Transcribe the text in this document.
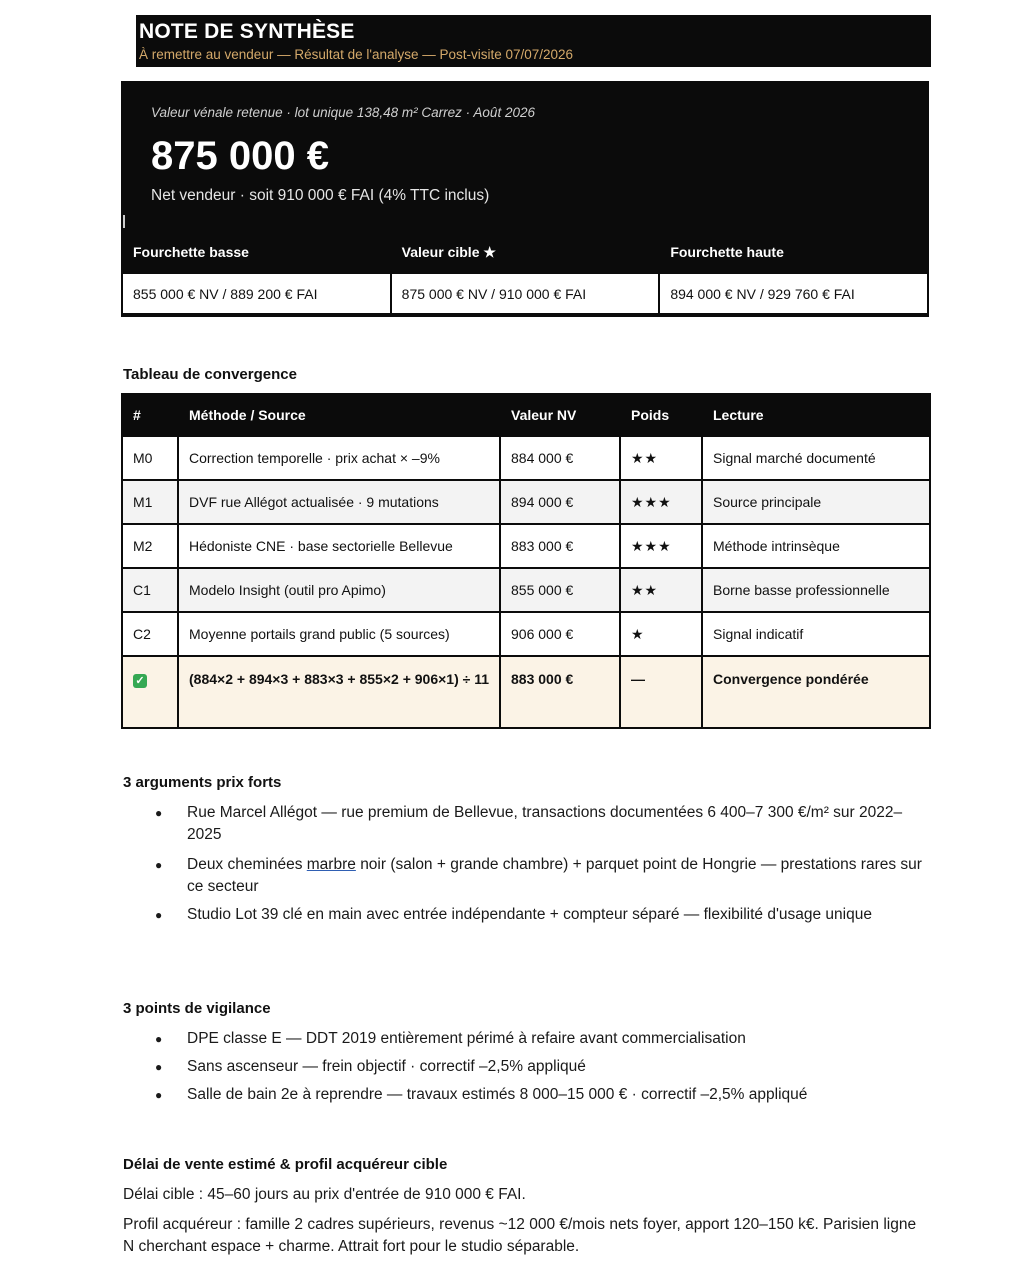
NOTE DE SYNTHÈSE
À remettre au vendeur — Résultat de l'analyse — Post-visite 07/07/2026
Valeur vénale retenue · lot unique 138,48 m² Carrez · Août 2026
875 000 €
Net vendeur · soit 910 000 € FAI (4% TTC inclus)
Fourchette basse	Valeur cible ★	Fourchette haute
855 000 € NV / 889 200 € FAI	875 000 € NV / 910 000 € FAI	894 000 € NV / 929 760 € FAI
Tableau de convergence
#	Méthode / Source	Valeur NV	Poids	Lecture
M0	Correction temporelle · prix achat × –9%	884 000 €	★★	Signal marché documenté
M1	DVF rue Allégot actualisée · 9 mutations	894 000 €	★★★	Source principale
M2	Hédoniste CNE · base sectorielle Bellevue	883 000 €	★★★	Méthode intrinsèque
C1	Modelo Insight (outil pro Apimo)	855 000 €	★★	Borne basse professionnelle
C2	Moyenne portails grand public (5 sources)	906 000 €	★	Signal indicatif
✓	(884×2 + 894×3 + 883×3 + 855×2 + 906×1) ÷ 11	883 000 €	—	Convergence pondérée
3 arguments prix forts
● Rue Marcel Allégot — rue premium de Bellevue, transactions documentées 6 400–7 300 €/m² sur 2022–2025
● Deux cheminées marbre noir (salon + grande chambre) + parquet point de Hongrie — prestations rares sur ce secteur
● Studio Lot 39 clé en main avec entrée indépendante + compteur séparé — flexibilité d'usage unique
3 points de vigilance
● DPE classe E — DDT 2019 entièrement périmé à refaire avant commercialisation
● Sans ascenseur — frein objectif · correctif –2,5% appliqué
● Salle de bain 2e à reprendre — travaux estimés 8 000–15 000 € · correctif –2,5% appliqué
Délai de vente estimé & profil acquéreur cible
Délai cible : 45–60 jours au prix d'entrée de 910 000 € FAI.
Profil acquéreur : famille 2 cadres supérieurs, revenus ~12 000 €/mois nets foyer, apport 120–150 k€. Parisien ligne N cherchant espace + charme. Attrait fort pour le studio séparable.
